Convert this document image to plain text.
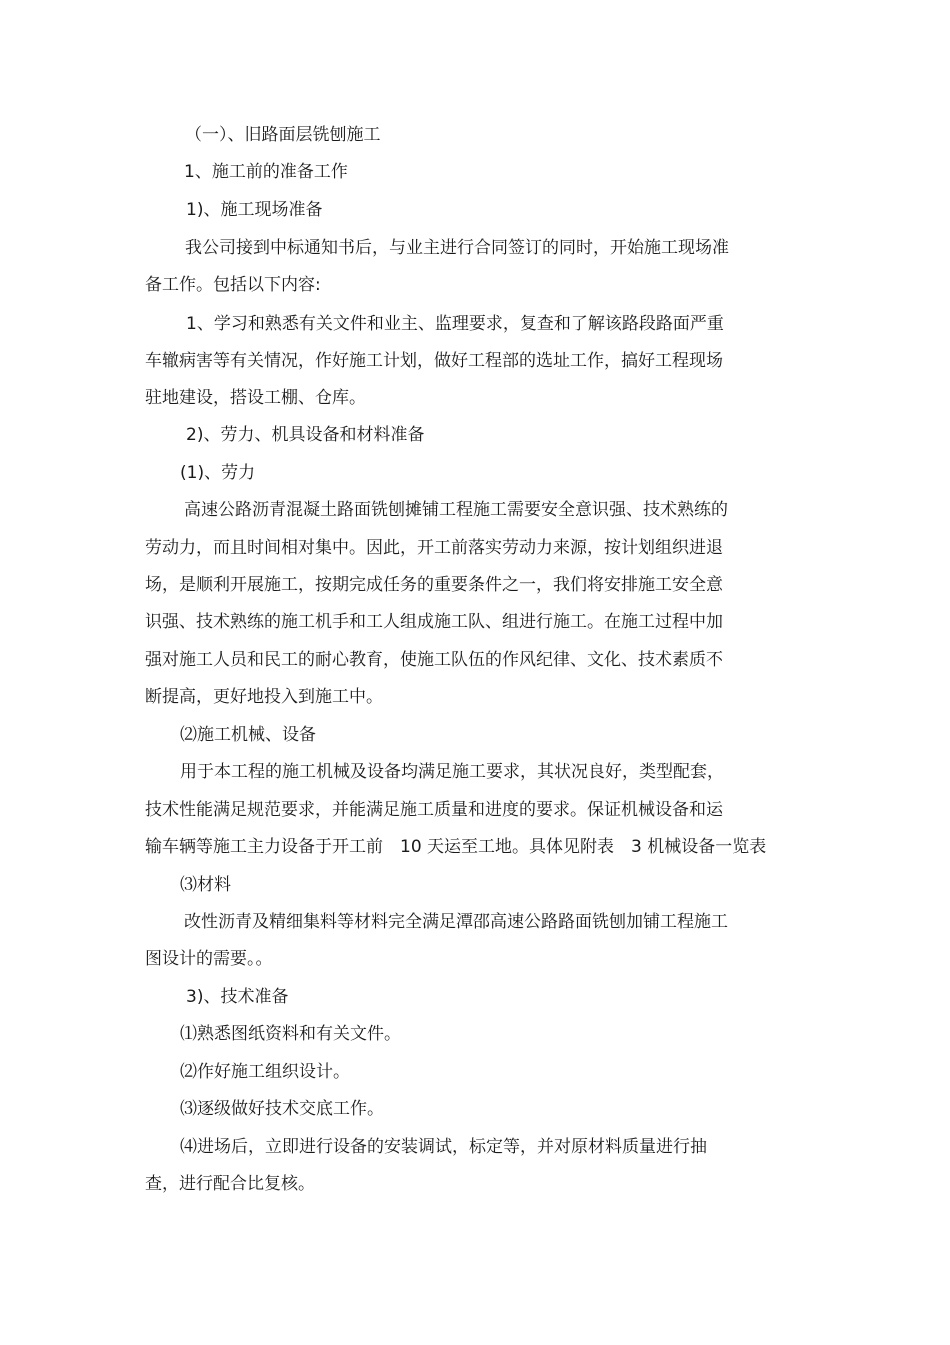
（一）、旧路面层铣刨施工
1、施工前的准备工作
1)、施工现场准备
我公司接到中标通知书后，与业主进行合同签订的同时，开始施工现场准
备工作。包括以下内容:
1、学习和熟悉有关文件和业主、监理要求，复查和了解该路段路面严重
车辙病害等有关情况，作好施工计划，做好工程部的选址工作，搞好工程现场
驻地建设，搭设工棚、仓库。
2)、劳力、机具设备和材料准备
(1)、劳力
高速公路沥青混凝土路面铣刨摊铺工程施工需要安全意识强、技术熟练的
劳动力，而且时间相对集中。因此，开工前落实劳动力来源，按计划组织进退
场，是顺利开展施工，按期完成任务的重要条件之一，我们将安排施工安全意
识强、技术熟练的施工机手和工人组成施工队、组进行施工。在施工过程中加
强对施工人员和民工的耐心教育，使施工队伍的作风纪律、文化、技术素质不
断提高，更好地投入到施工中。
⑵施工机械、设备
用于本工程的施工机械及设备均满足施工要求，其状况良好，类型配套，
技术性能满足规范要求，并能满足施工质量和进度的要求。保证机械设备和运
输车辆等施工主力设备于开工前　10 天运至工地。具体见附表　3 机械设备一览表
⑶材料
改性沥青及精细集料等材料完全满足潭邵高速公路路面铣刨加铺工程施工
图设计的需要。。
3)、技术准备
⑴熟悉图纸资料和有关文件。
⑵作好施工组织设计。
⑶逐级做好技术交底工作。
⑷进场后，立即进行设备的安装调试，标定等，并对原材料质量进行抽
查，进行配合比复核。
